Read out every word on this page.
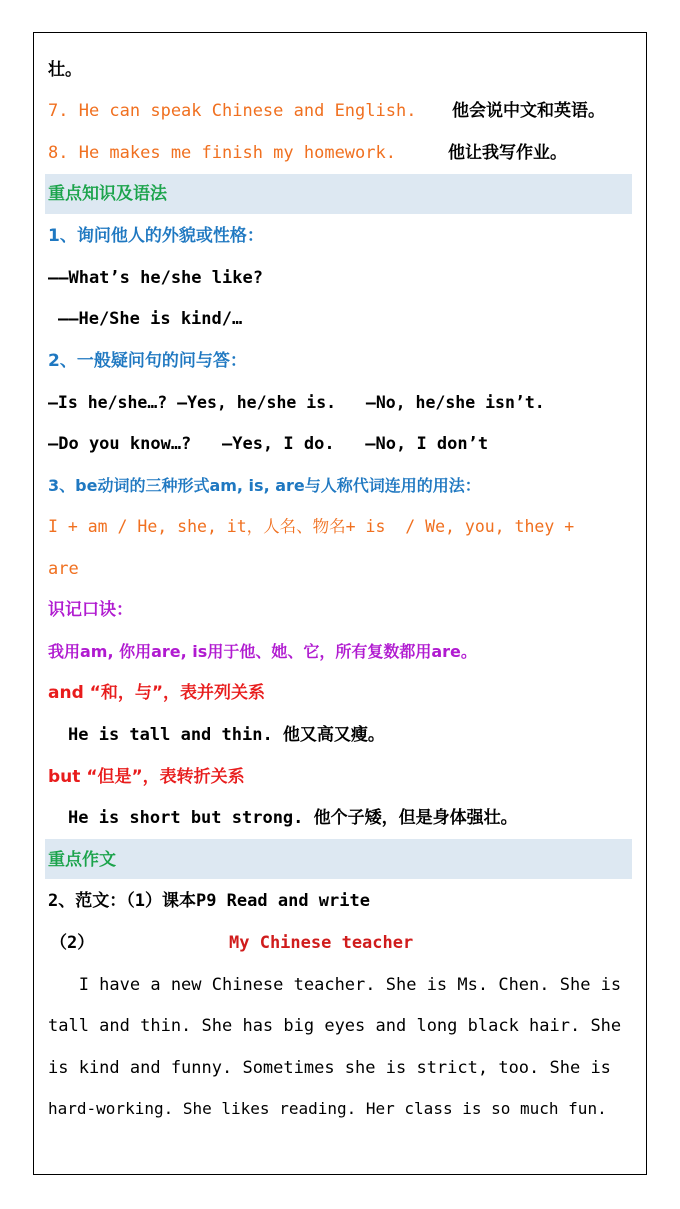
壮。
7. He can speak Chinese and English.	他会说中文和英语。
8. He makes me finish my homework.	他让我写作业。
重点知识及语法
1、询问他人的外貌或性格：
——What’s he/she like?
——He/She is kind/…
2、一般疑问句的问与答：
—Is he/she…? —Yes, he/she is.   —No, he/she isn’t.
—Do you know…?   —Yes, I do.   —No, I don’t
3、be动词的三种形式am, is, are与人称代词连用的用法：
I + am / He, she, it，人名、物名+ is  / We, you, they +
are
识记口诀：
我用am, 你用are, is用于他、她、它，所有复数都用are。
and “和，与”，表并列关系
He is tall and thin. 他又高又瘦。
but “但是”，表转折关系
He is short but strong. 他个子矮，但是身体强壮。
重点作文
2、范文：（1）课本P9 Read and write
（2）	My Chinese teacher
I have a new Chinese teacher. She is Ms. Chen. She is
tall and thin. She has big eyes and long black hair. She
is kind and funny. Sometimes she is strict, too. She is
hard-working. She likes reading. Her class is so much fun.
